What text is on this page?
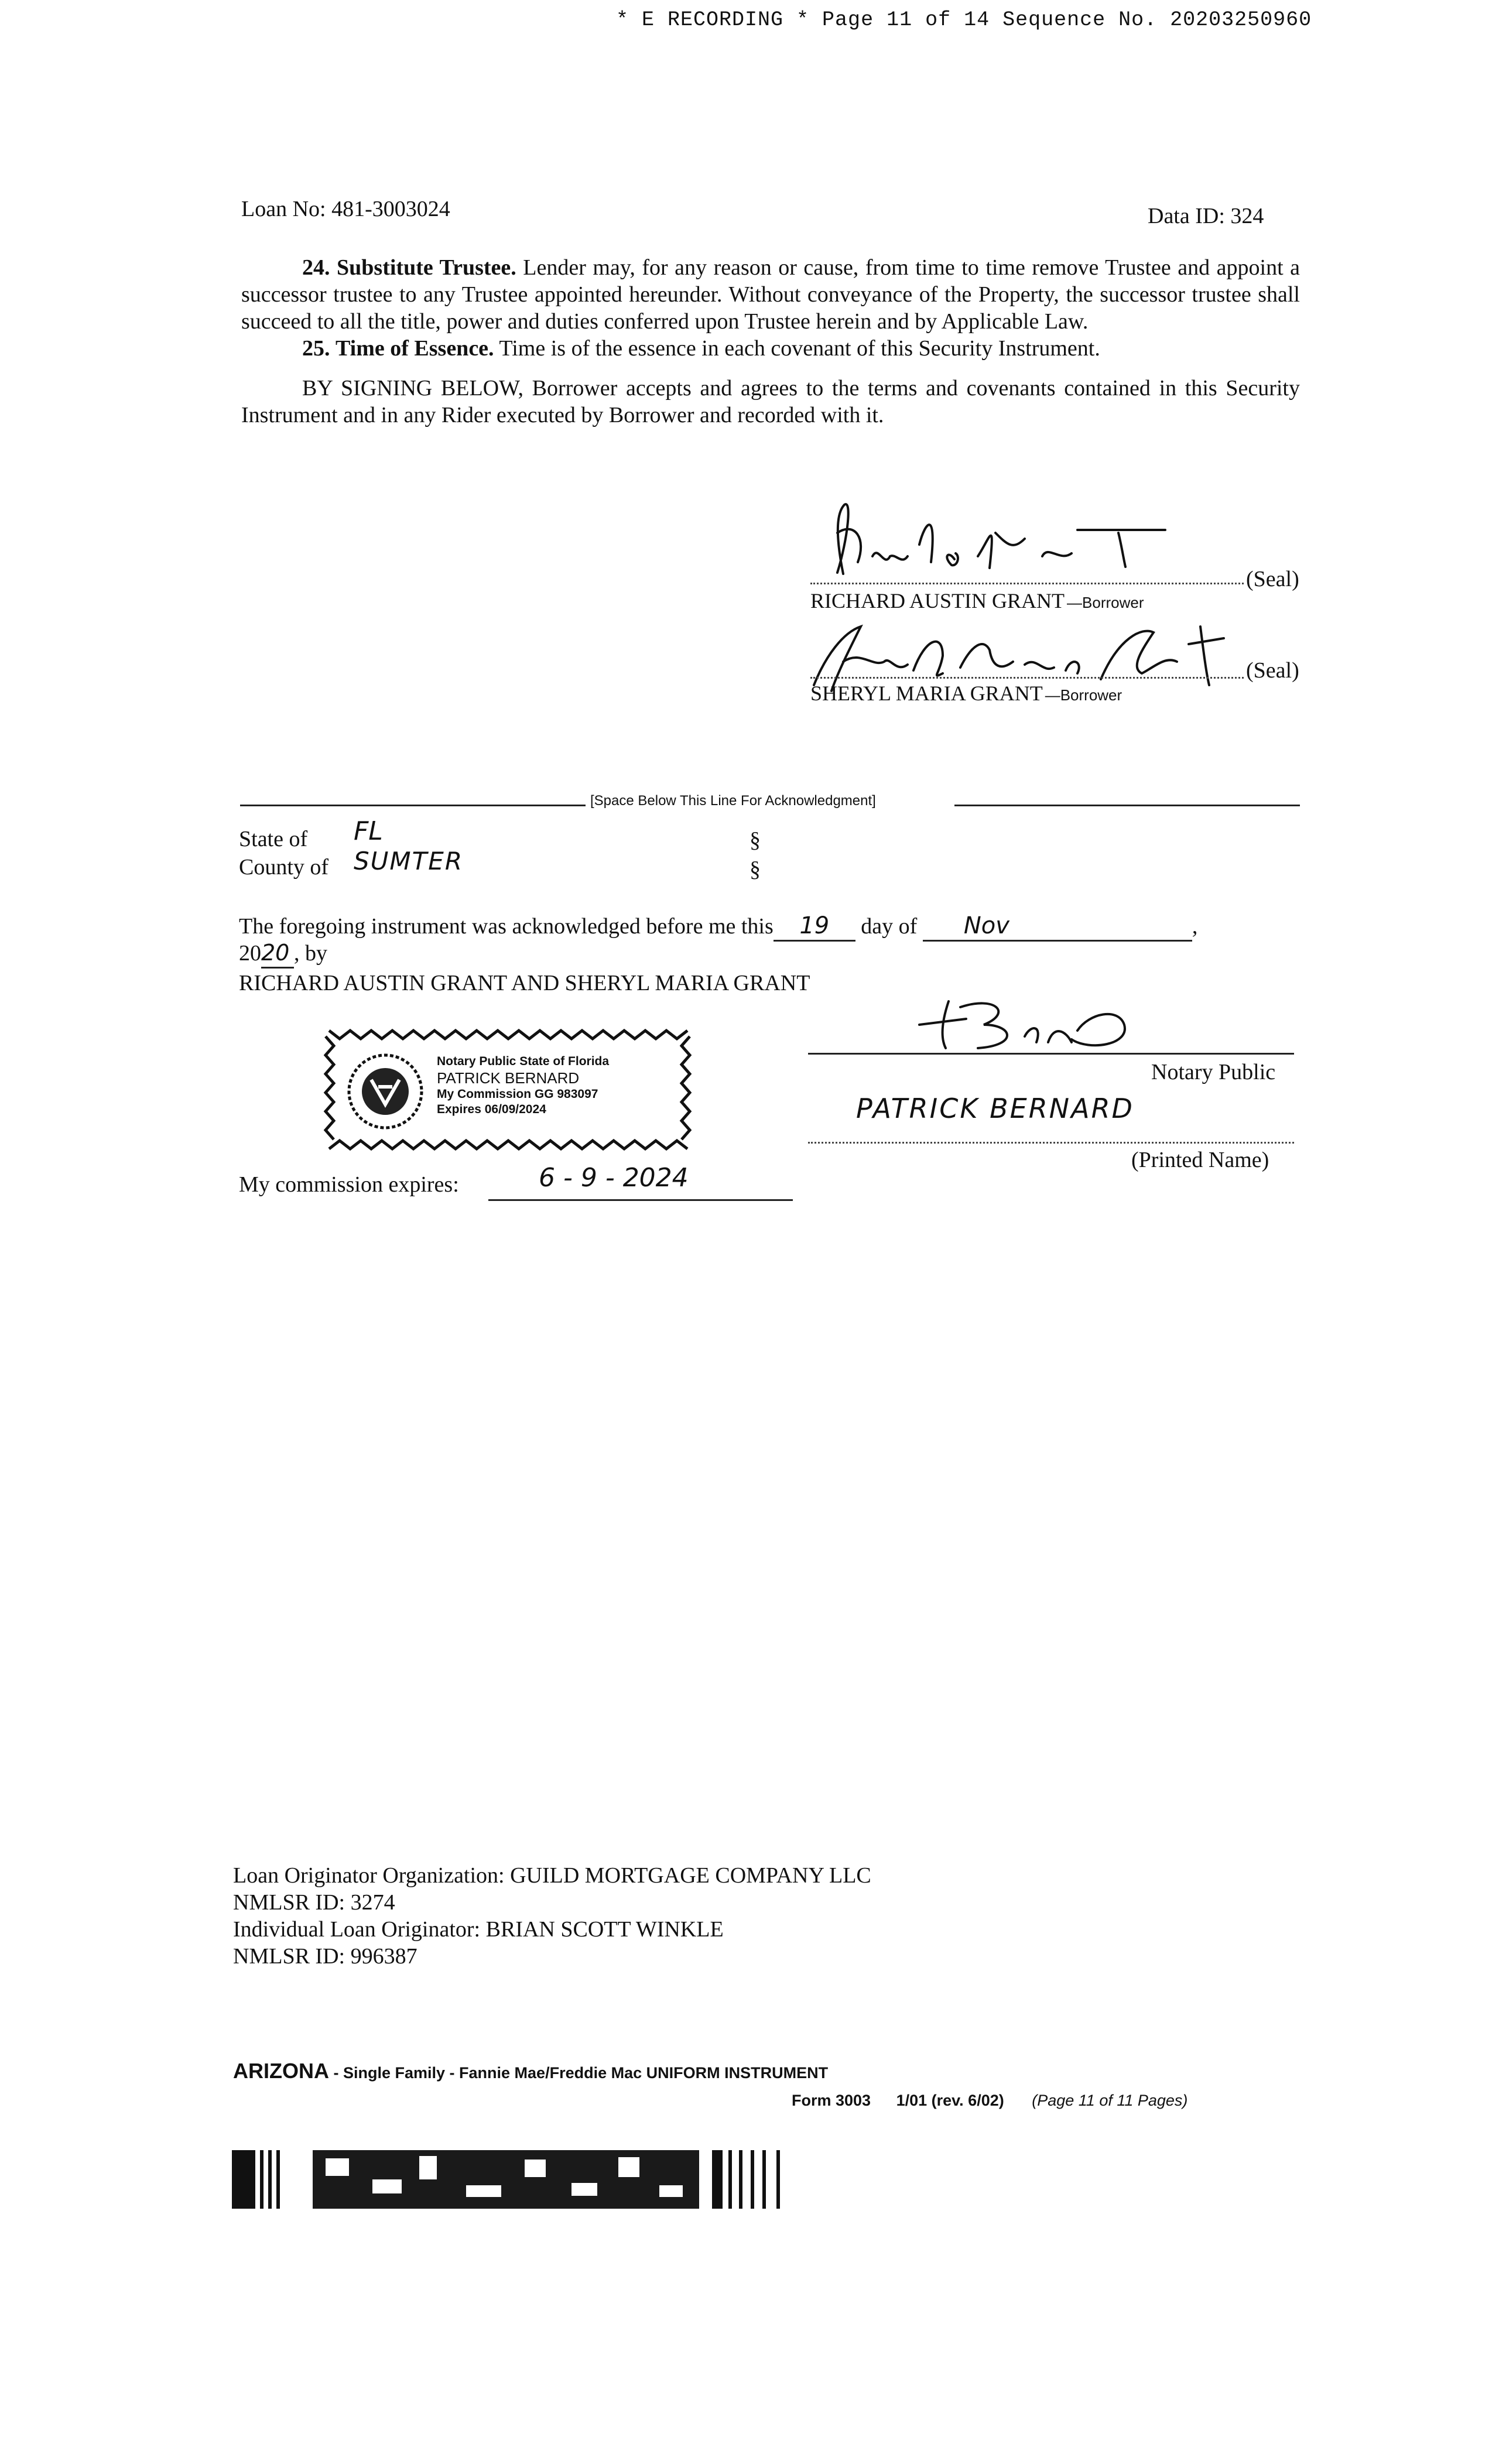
* E RECORDING * Page 11 of 14 Sequence No. 20203250960
Loan No: 481-3003024	Data ID: 324

24. Substitute Trustee. Lender may, for any reason or cause, from time to time remove Trustee and appoint a successor trustee to any Trustee appointed hereunder. Without conveyance of the Property, the successor trustee shall succeed to all the title, power and duties conferred upon Trustee herein and by Applicable Law.

25. Time of Essence. Time is of the essence in each covenant of this Security Instrument.

BY SIGNING BELOW, Borrower accepts and agrees to the terms and covenants contained in this Security Instrument and in any Rider executed by Borrower and recorded with it.

(Seal)
RICHARD AUSTIN GRANT —Borrower
(Seal)
SHERYL MARIA GRANT —Borrower
[Space Below This Line For Acknowledgment]
State of FL	§
County of SUMTER	§
The foregoing instrument was acknowledged before me this 19 day of Nov	,
2020 , by
RICHARD AUSTIN GRANT AND SHERYL MARIA GRANT
Notary Public State of Florida
PATRICK BERNARD
My Commission GG 983097
Expires 06/09/2024
Notary Public
PATRICK BERNARD
(Printed Name)
My commission expires:	6 - 9 - 2024
Loan Originator Organization: GUILD MORTGAGE COMPANY LLC
NMLSR ID: 3274
Individual Loan Originator: BRIAN SCOTT WINKLE
NMLSR ID: 996387
ARIZONA - Single Family - Fannie Mae/Freddie Mac UNIFORM INSTRUMENT
Form 3003 1/01 (rev. 6/02) (Page 11 of 11 Pages)
